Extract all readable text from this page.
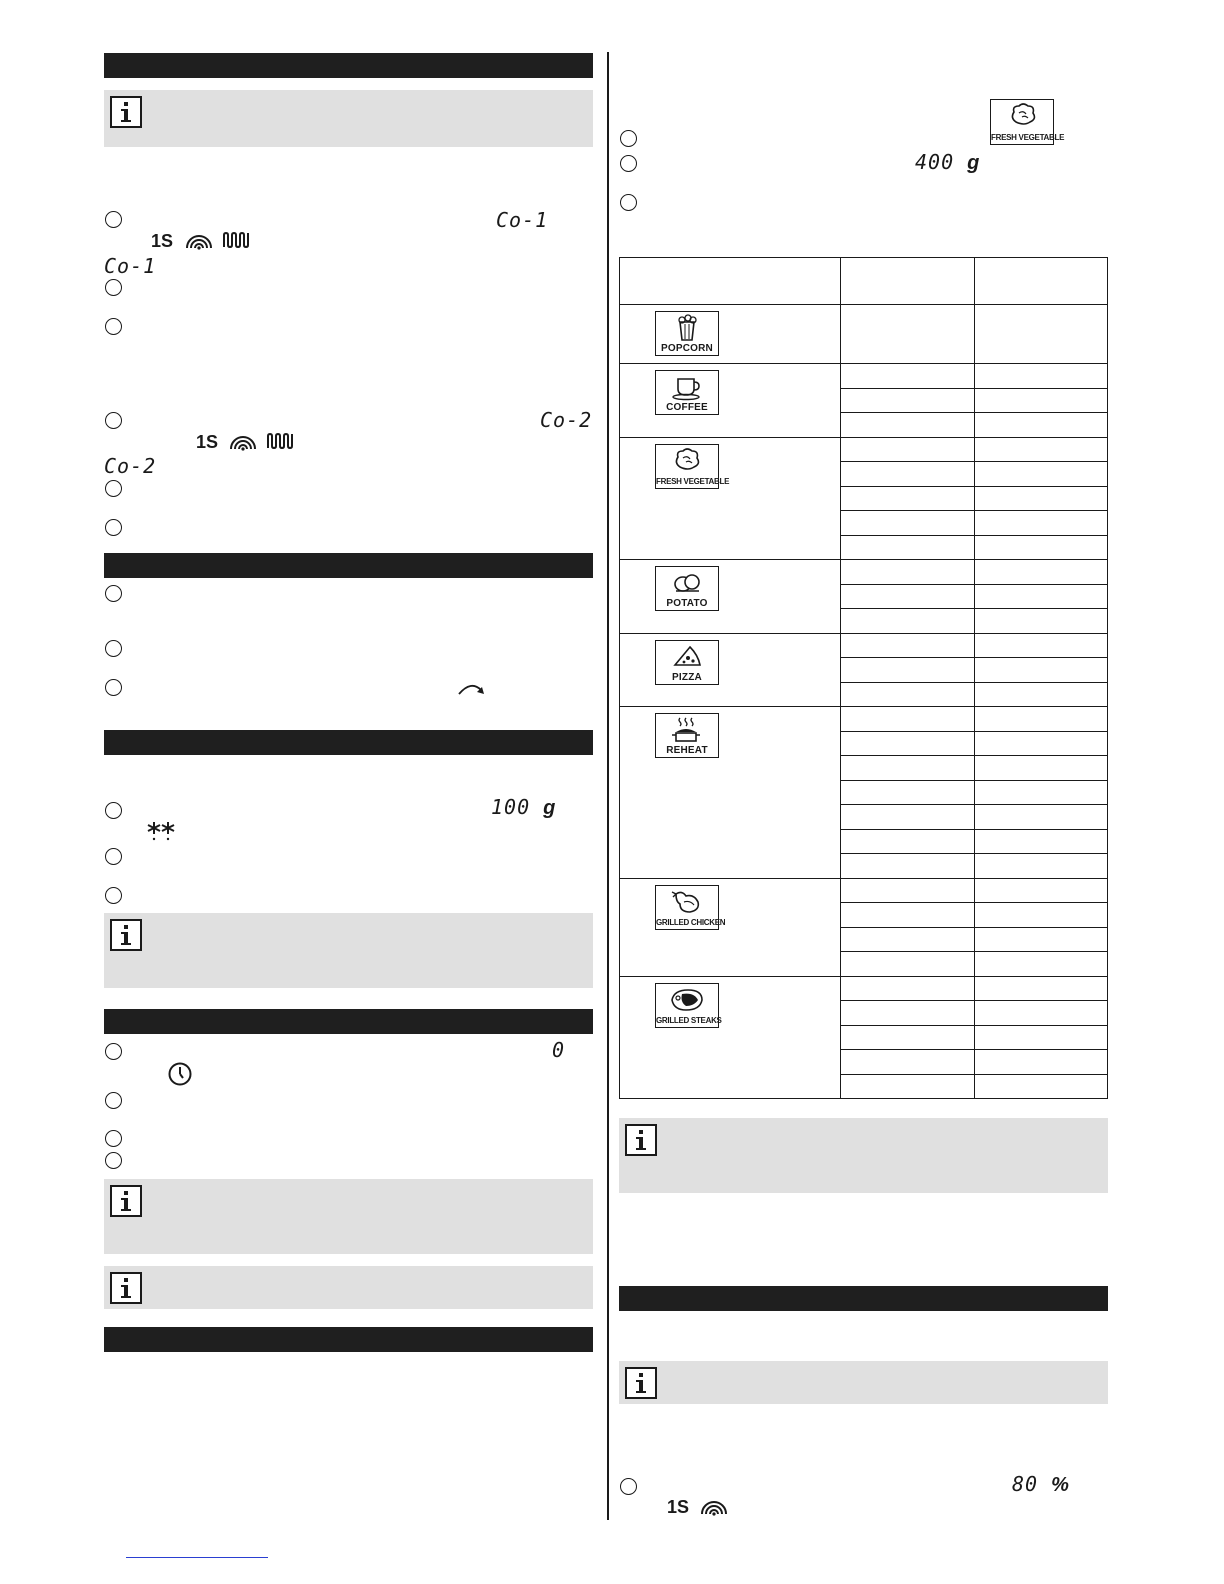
Co-1
1S
Co-1
Co-2
1S
Co-2
100 g
0
FRESH VEGETABLE
400 g

POPCORN		

COFFEE		

FRESH VEGETABLE		

POTATO		

PIZZA		

REHEAT		

GRILLED CHICKEN		

GRILLED STEAKS		

80 %
1S
